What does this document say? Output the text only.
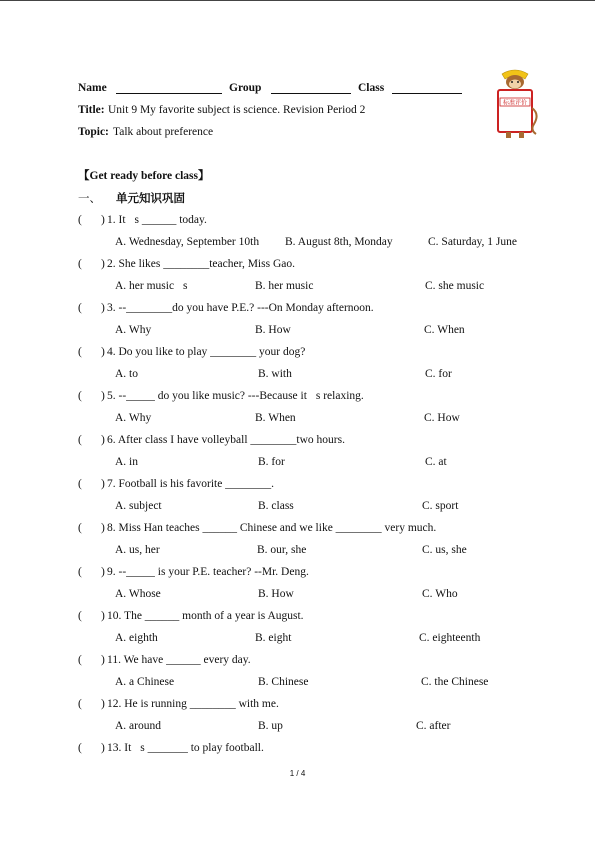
Name	Group	Class
Title: Unit 9 My favorite subject is science. Revision Period 2
Topic: Talk about preference
标准评价
【Get ready before class】
一、 单元知识巩固
( ) 1. It s ______ today.
A. Wednesday, September 10th B. August 8th, Monday	C. Saturday, 1 June
( ) 2. She likes ________teacher, Miss Gao.
A. her music s	B. her music	C. she music
( ) 3. --________do you have P.E.? ---On Monday afternoon.
A. Why	B. How	C. When
( ) 4. Do you like to play ________ your dog?
A. to	B. with	C. for
( ) 5. --_____ do you like music? ---Because it s relaxing.
A. Why	B. When	C. How
( ) 6. After class I have volleyball ________two hours.
A. in	B. for	C. at
( ) 7. Football is his favorite ________.
A. subject	B. class	C. sport
( ) 8. Miss Han teaches ______ Chinese and we like ________ very much.
A. us, her	B. our, she	C. us, she
( ) 9. --_____ is your P.E. teacher? --Mr. Deng.
A. Whose	B. How	C. Who
( ) 10. The ______ month of a year is August.
A. eighth	B. eight	C. eighteenth
( ) 11. We have ______ every day.
A. a Chinese	B. Chinese	C. the Chinese
( ) 12. He is running ________ with me.
A. around	B. up	C. after
( ) 13. It s _______ to play football.
1 / 4
